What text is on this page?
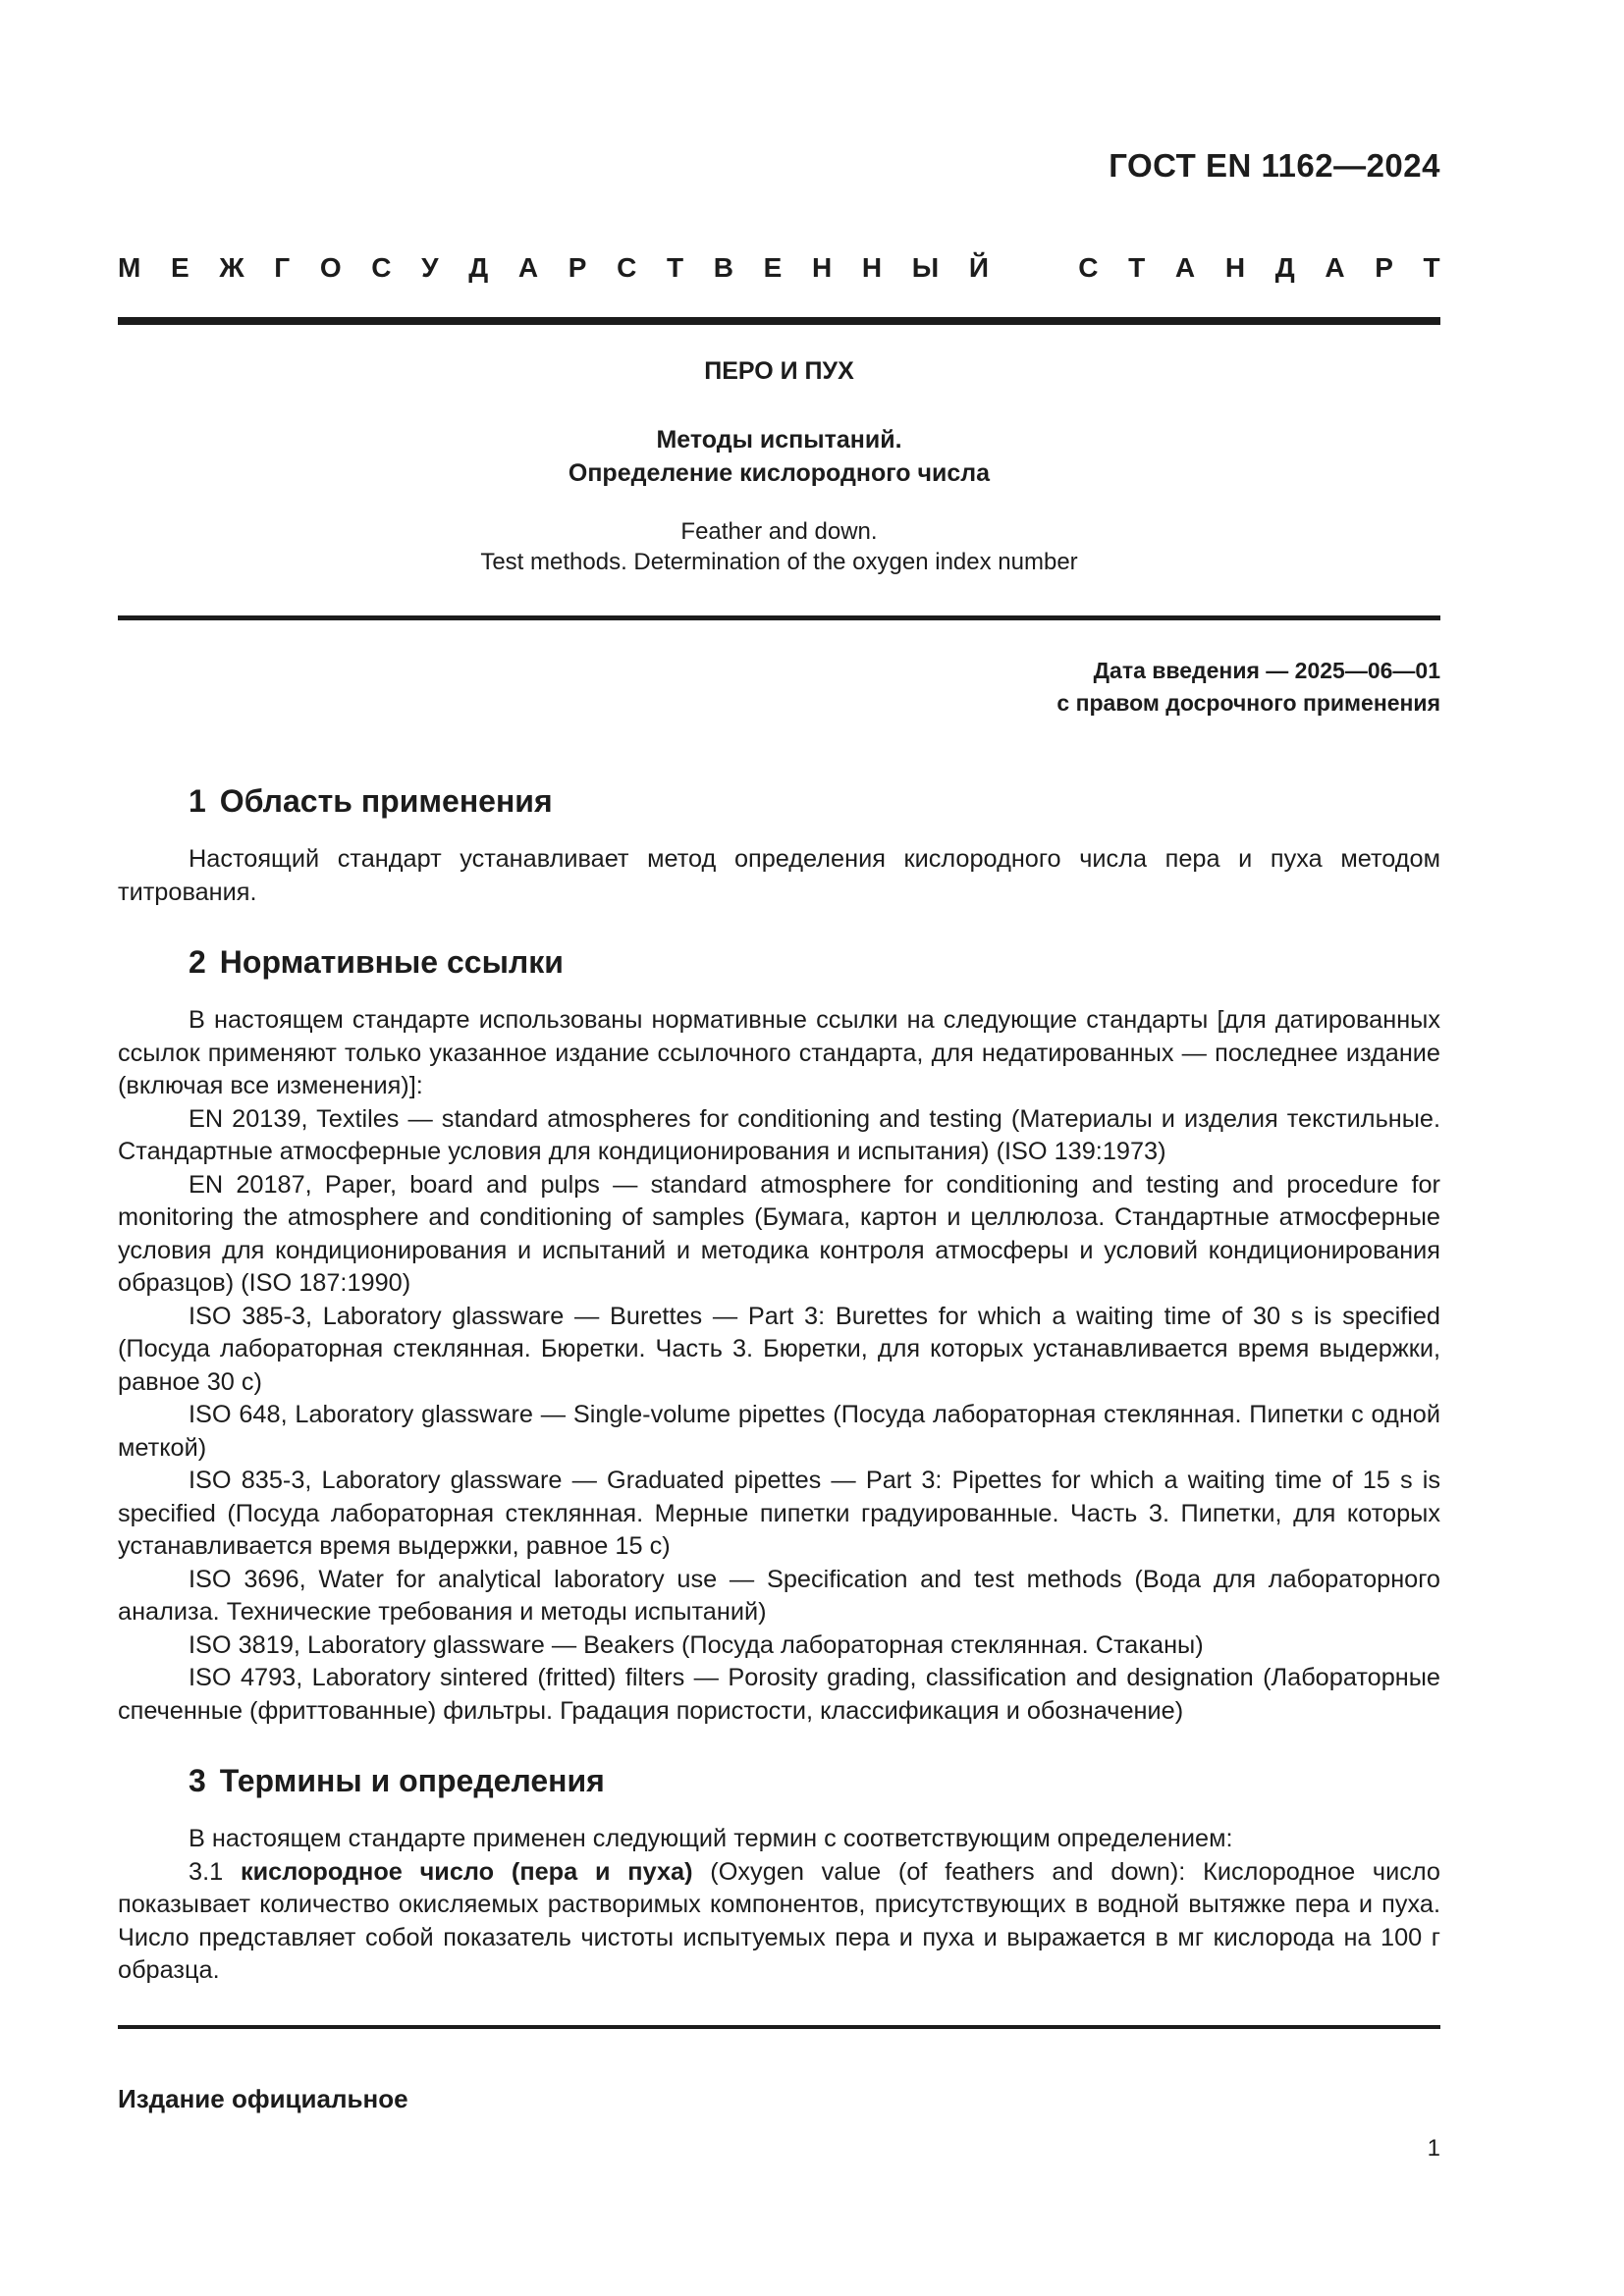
ГОСТ EN 1162—2024
М Е Ж Г О С У Д А Р С Т В Е Н Н Ы Й	С Т А Н Д А Р Т
ПЕРО И ПУХ
Методы испытаний.
Определение кислородного числа
Feather and down.
Test methods. Determination of the oxygen index number
Дата введения — 2025—06—01
с правом досрочного применения
1 Область применения

Настоящий стандарт устанавливает метод определения кислородного числа пера и пуха методом титрования.

2 Нормативные ссылки

В настоящем стандарте использованы нормативные ссылки на следующие стандарты [для датированных ссылок применяют только указанное издание ссылочного стандарта, для недатированных — последнее издание (включая все изменения)]:

EN 20139, Textiles — standard atmospheres for conditioning and testing (Материалы и изделия текстильные. Стандартные атмосферные условия для кондиционирования и испытания) (ISO 139:1973)

EN 20187, Paper, board and pulps — standard atmosphere for conditioning and testing and procedure for monitoring the atmosphere and conditioning of samples (Бумага, картон и целлюлоза. Стандартные атмосферные условия для кондиционирования и испытаний и методика контроля атмосферы и условий кондиционирования образцов) (ISO 187:1990)

ISO 385-3, Laboratory glassware — Burettes — Part 3: Burettes for which a waiting time of 30 s is specified (Посуда лабораторная стеклянная. Бюретки. Часть 3. Бюретки, для которых устанавливается время выдержки, равное 30 с)

ISO 648, Laboratory glassware — Single-volume pipettes (Посуда лабораторная стеклянная. Пипетки с одной меткой)

ISO 835-3, Laboratory glassware — Graduated pipettes — Part 3: Pipettes for which a waiting time of 15 s is specified (Посуда лабораторная стеклянная. Мерные пипетки градуированные. Часть 3. Пипетки, для которых устанавливается время выдержки, равное 15 с)

ISO 3696, Water for analytical laboratory use — Specification and test methods (Вода для лабораторного анализа. Технические требования и методы испытаний)

ISO 3819, Laboratory glassware — Beakers (Посуда лабораторная стеклянная. Стаканы)

ISO 4793, Laboratory sintered (fritted) filters — Porosity grading, classification and designation (Лабораторные спеченные (фриттованные) фильтры. Градация пористости, классификация и обозначение)

3 Термины и определения

В настоящем стандарте применен следующий термин с соответствующим определением:

3.1 кислородное число (пера и пуха) (Oxygen value (of feathers and down): Кислородное число показывает количество окисляемых растворимых компонентов, присутствующих в водной вытяжке пера и пуха. Число представляет собой показатель чистоты испытуемых пера и пуха и выражается в мг кислорода на 100 г образца.

Издание официальное
1
